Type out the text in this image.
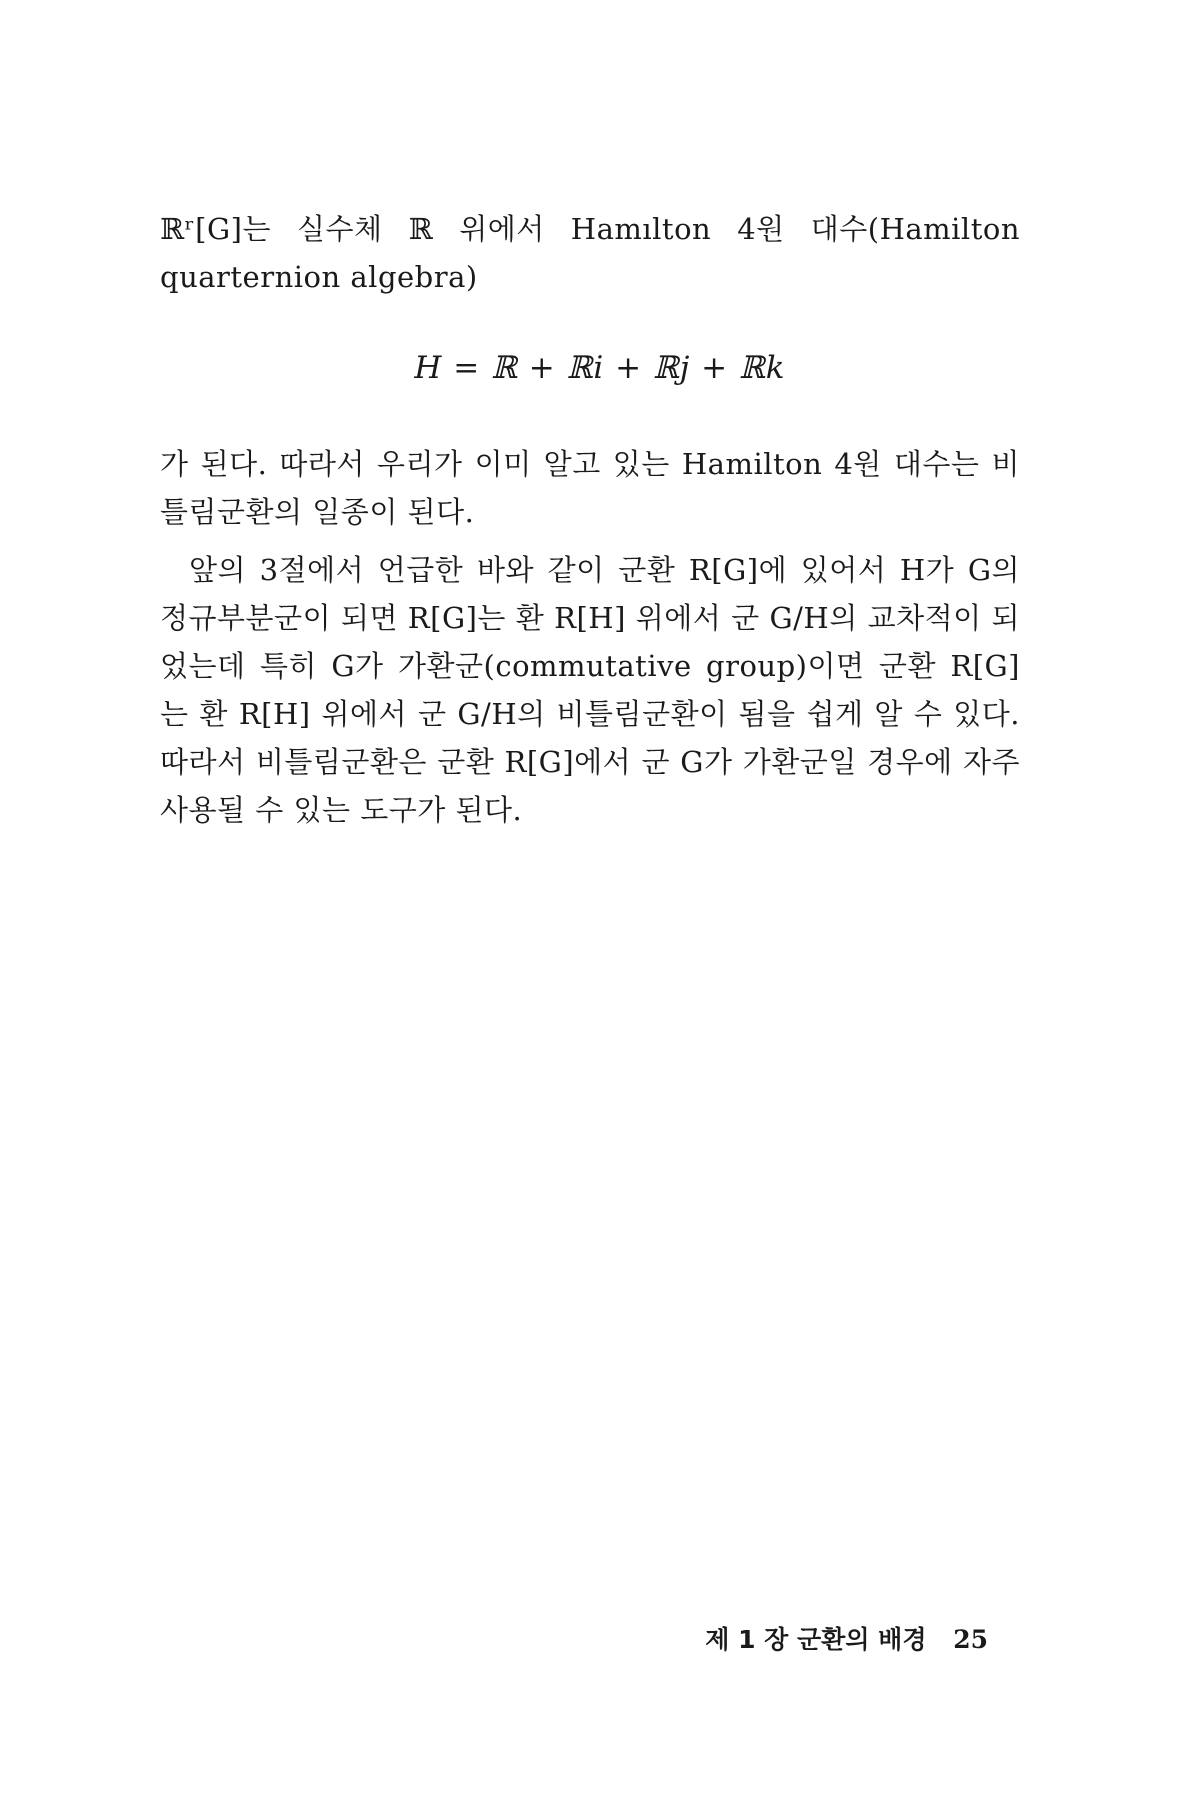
ℝʳ[G]는 실수체 ℝ 위에서 Hamılton 4원 대수(Hamilton quarternion algebra)

H = ℝ + ℝi + ℝj + ℝk

가 된다. 따라서 우리가 이미 알고 있는 Hamilton 4원 대수는 비틀림군환의 일종이 된다.

앞의 3절에서 언급한 바와 같이 군환 R[G]에 있어서 H가 G의 정규부분군이 되면 R[G]는 환 R[H] 위에서 군 G/H의 교차적이 되었는데 특히 G가 가환군(commutative group)이면 군환 R[G]는 환 R[H] 위에서 군 G/H의 비틀림군환이 됨을 쉽게 알 수 있다. 따라서 비틀림군환은 군환 R[G]에서 군 G가 가환군일 경우에 자주 사용될 수 있는 도구가 된다.

제 1 장 군환의 배경 25
